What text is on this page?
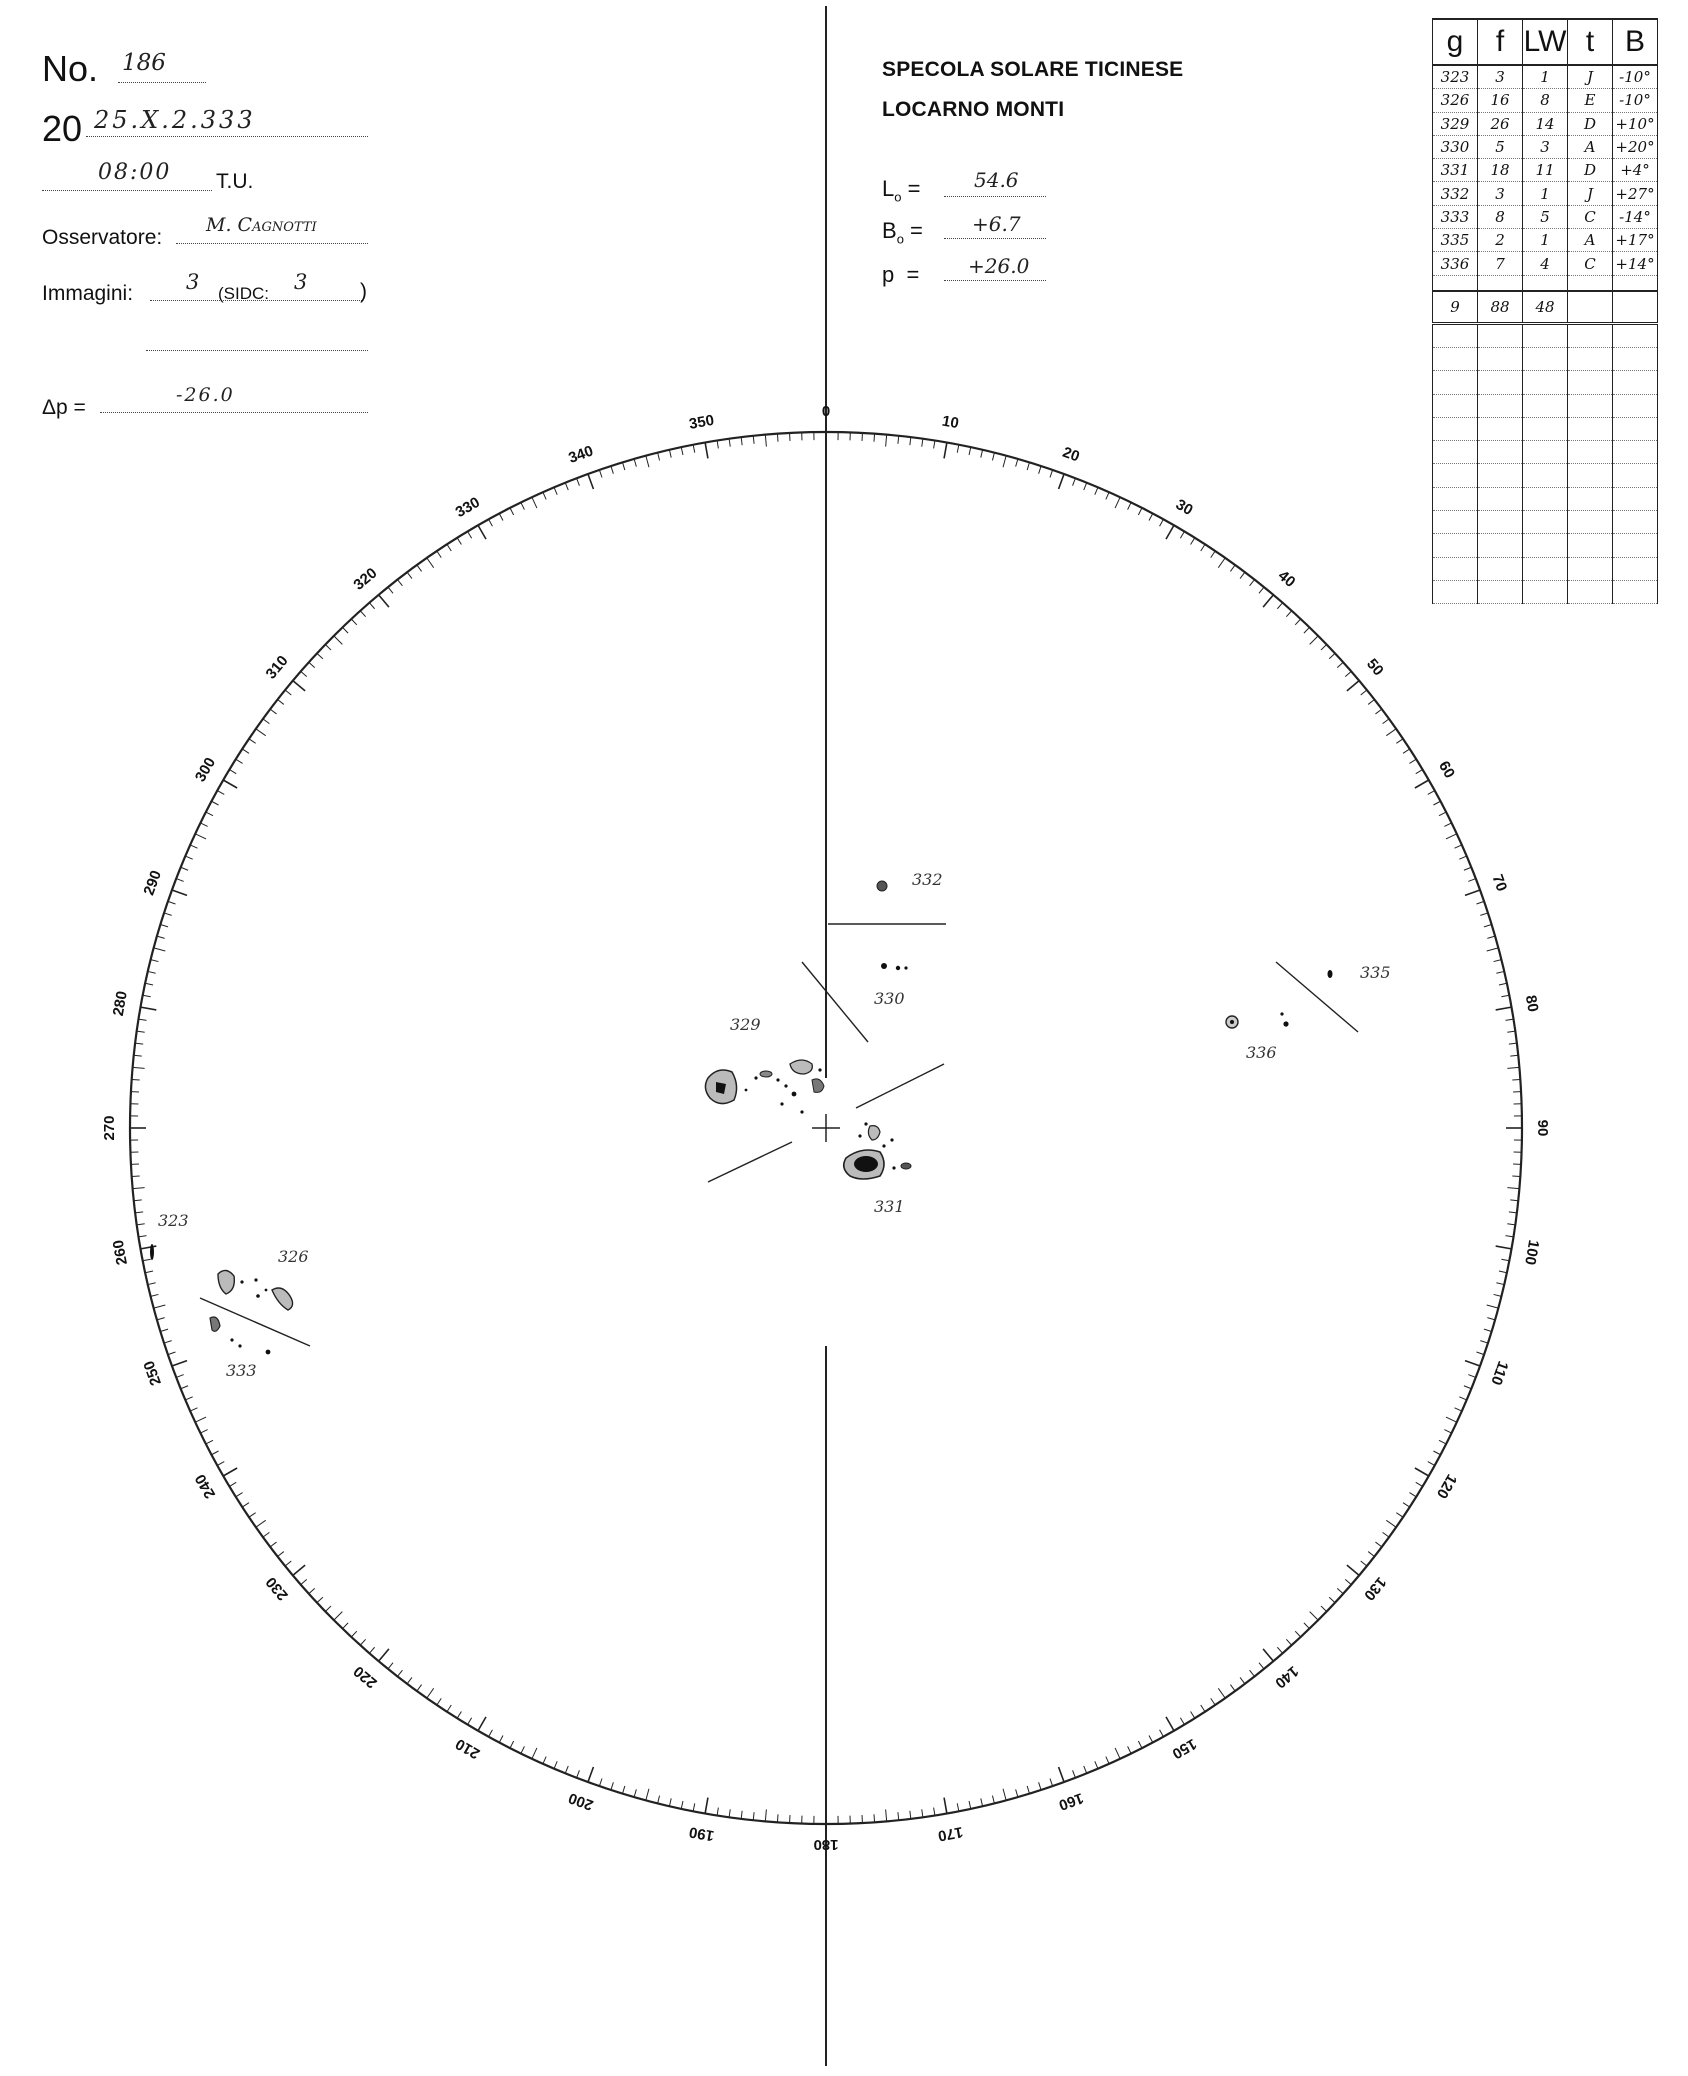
No. 186
20 25.X.2.333
08:00 T.U.
Osservatore:
M. Cagnotti
Immagini:	3 (SIDC: 3	)
Δp =
-26.0
SPECOLA SOLARE TICINESE
LOCARNO MONTI
$L_o$ =	54.6
$B_o = +6.7$
p = +26.0
0
10
20
30
40
50
60
70
80
90
100
110
120
130
140
150
160
170
180
190
200
210
220
230
240
250
260
270
280
290
300
310
320
330
340
350
332
330
329
331
335
336
323
326
333
g	f	LW	t	B
323	3	1	J	-10°
326	16	8	E	-10°
329	26	14	D	+10°
330	5	3	A	+20°
331	18	11	D	+4°
332	3	1	J	+27°
333	8	5	C	-14°
335	2	1	A	+17°
336	7	4	C	+14°

9	88	48		
